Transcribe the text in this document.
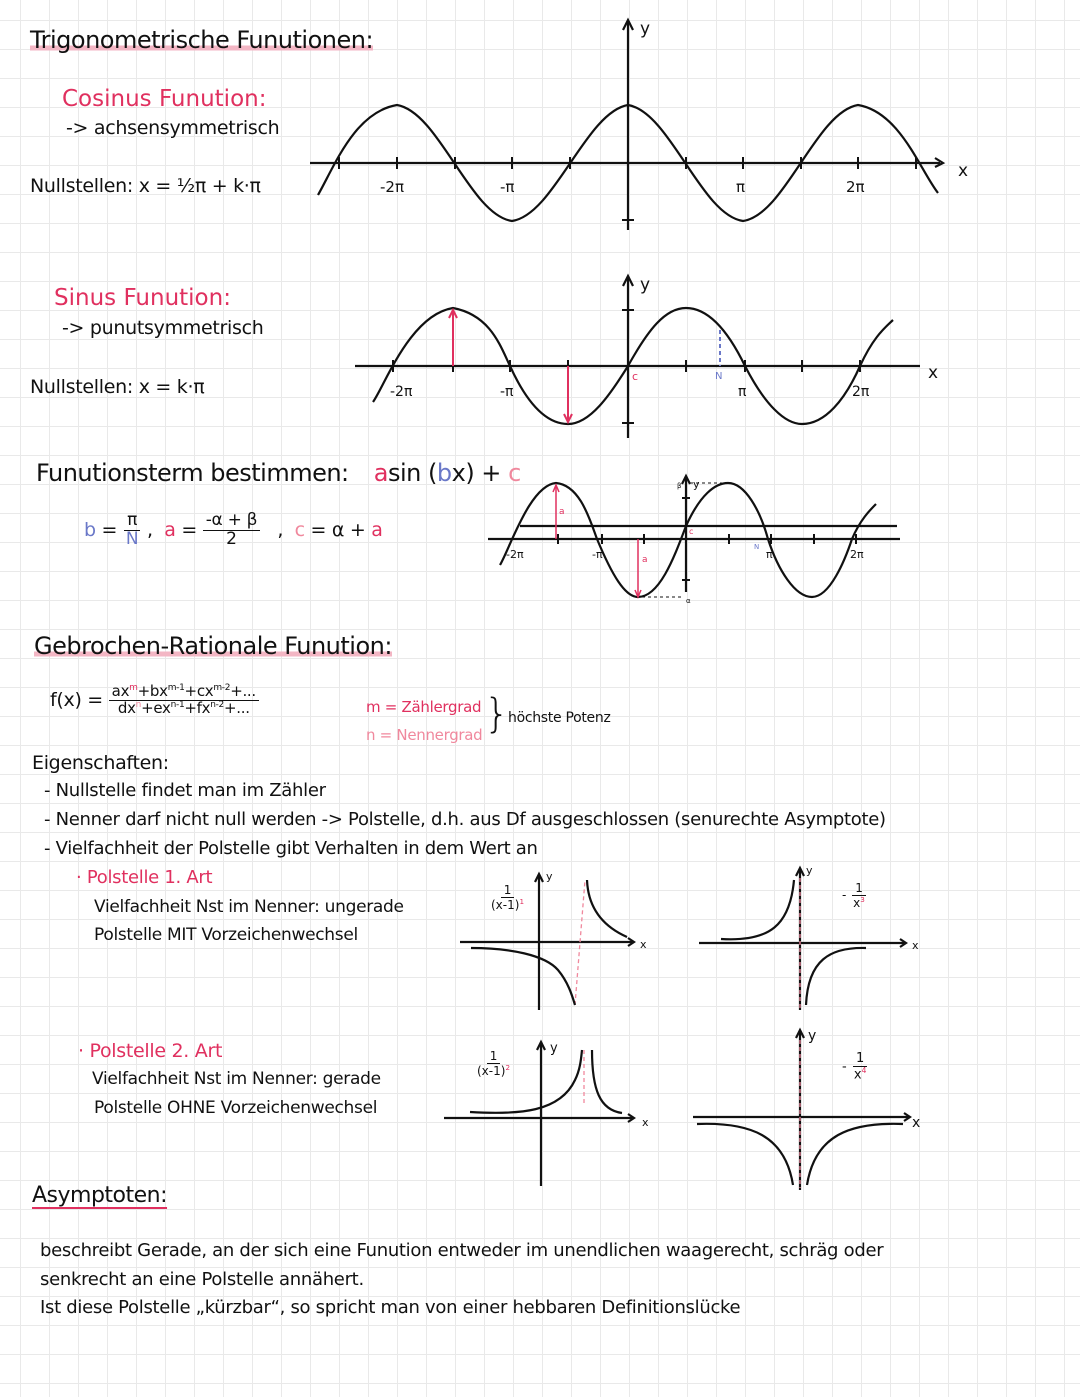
Trigonometrische Funutionen:
Cosinus Funution:
-> achsensymmetrisch
Nullstellen: x = ½π + k·π	-2π	-π	π	2π
y
x
Sinus Funution:
-> punutsymmetrisch
Nullstellen: x = k·π	N
c
-2π	-π	π	2π
y
x
Funutionsterm bestimmen: asin (bx) + c
$b = \frac{\pi}{N}$ ,  $a = \frac{-\alpha + \beta}{2}$ ,  c = α + a
a
a
c
N
β
α
-2π	-π	π	2π
y
Gebrochen-Rationale Funution:
$f(x) = \frac{ax^m+bx^{m-1}+cx^{m-2}+...}{dx^n+ex^{n-1}+fx^{n-2}+...}$	m = Zählergrad
n = Nennergrad }
höchste Potenz
Eigenschaften:
- Nullstelle findet man im Zähler
- Nenner darf nicht null werden -> Polstelle, d.h. aus Df ausgeschlossen (senurechte Asymptote)
- Vielfachheit der Polstelle gibt Verhalten in dem Wert an
· Polstelle 1. Art
Vielfachheit Nst im Nenner: ungerade
Polstelle MIT Vorzeichenwechsel
$\frac{1}{(x-1)^1}$	- $\frac{1}{x^3}$
x
y
x
y
· Polstelle 2. Art
Vielfachheit Nst im Nenner: gerade
Polstelle OHNE Vorzeichenwechsel
$\frac{1}{(x-1)^2}$	- $\frac{1}{x^4}$
x
y
x
y
Asymptoten:
beschreibt Gerade, an der sich eine Funution entweder im unendlichen waagerecht, schräg oder
senkrecht an eine Polstelle annähert.
Ist diese Polstelle „kürzbar“, so spricht man von einer hebbaren Definitionslücke
